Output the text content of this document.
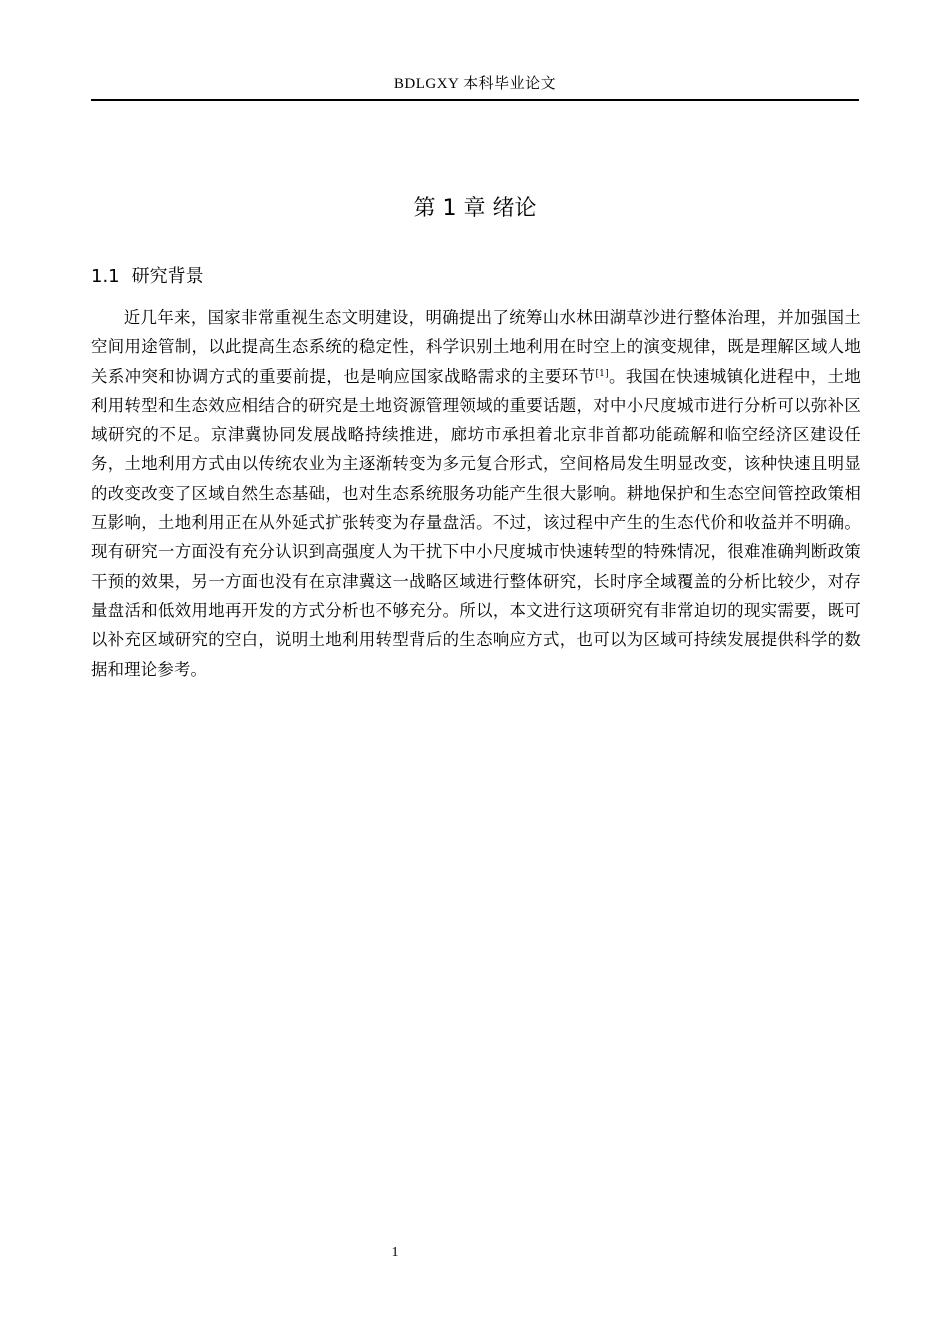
BDLGXY 本科毕业论文
第 1 章 绪论
1.1 研究背景

近几年来，国家非常重视生态文明建设，明确提出了统筹山水林田湖草沙进行整体治理，并加强国土空间用途管制，以此提高生态系统的稳定性，科学识别土地利用在时空上的演变规律，既是理解区域人地关系冲突和协调方式的重要前提，也是响应国家战略需求的主要环节[1]。我国在快速城镇化进程中，土地利用转型和生态效应相结合的研究是土地资源管理领域的重要话题，对中小尺度城市进行分析可以弥补区域研究的不足。京津冀协同发展战略持续推进，廊坊市承担着北京非首都功能疏解和临空经济区建设任务，土地利用方式由以传统农业为主逐渐转变为多元复合形式，空间格局发生明显改变，该种快速且明显的改变改变了区域自然生态基础，也对生态系统服务功能产生很大影响。耕地保护和生态空间管控政策相互影响，土地利用正在从外延式扩张转变为存量盘活。不过，该过程中产生的生态代价和收益并不明确。现有研究一方面没有充分认识到高强度人为干扰下中小尺度城市快速转型的特殊情况，很难准确判断政策干预的效果，另一方面也没有在京津冀这一战略区域进行整体研究，长时序全域覆盖的分析比较少，对存量盘活和低效用地再开发的方式分析也不够充分。所以，本文进行这项研究有非常迫切的现实需要，既可以补充区域研究的空白，说明土地利用转型背后的生态响应方式，也可以为区域可持续发展提供科学的数据和理论参考。

1
